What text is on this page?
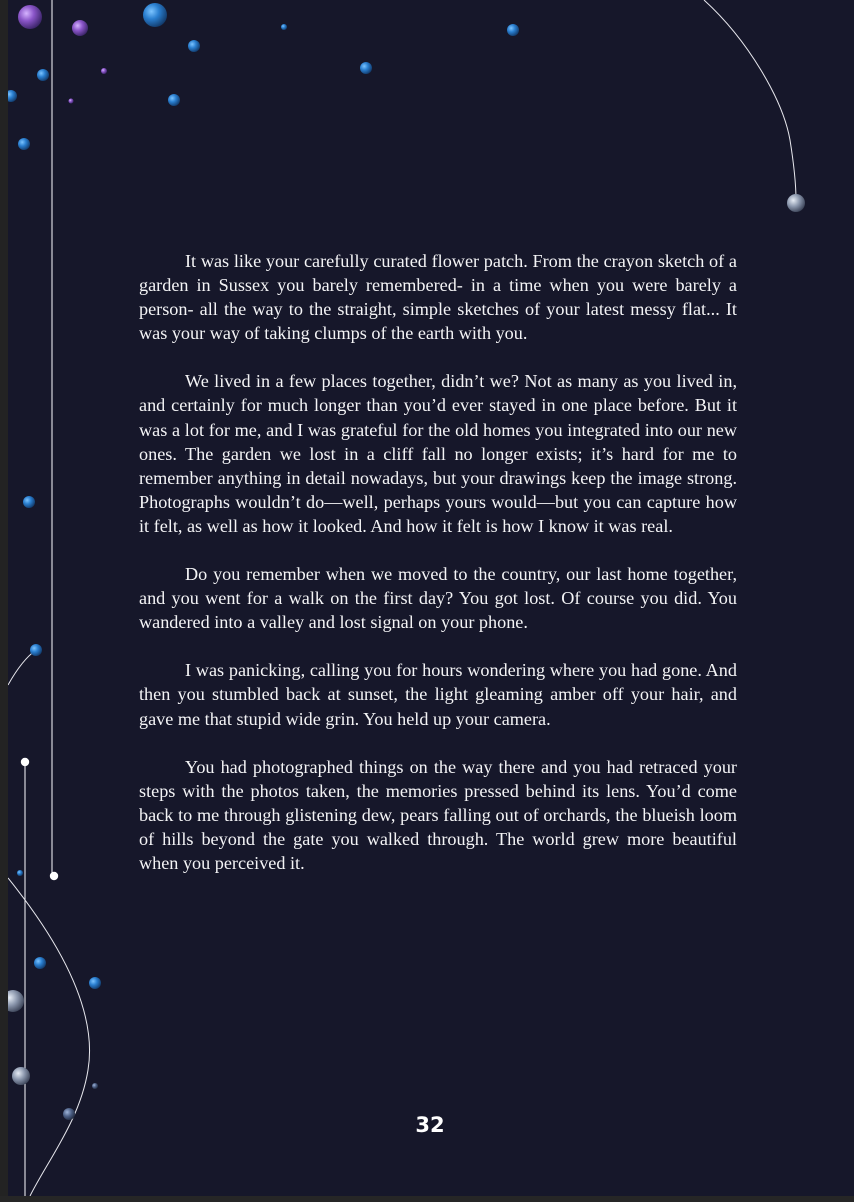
It was like your carefully curated flower patch. From the crayon sketch of a garden in Sussex you barely remembered- in a time when you were barely a person- all the way to the straight, simple sketches of your latest messy flat... It was your way of taking clumps of the earth with you.

We lived in a few places together, didn’t we? Not as many as you lived in, and certainly for much longer than you’d ever stayed in one place before. But it was a lot for me, and I was grateful for the old homes you integrated into our new ones. The garden we lost in a cliff fall no longer exists; it’s hard for me to remember anything in detail nowadays, but your drawings keep the image strong. Photographs wouldn’t do—well, perhaps yours would—but you can capture how it felt, as well as how it looked. And how it felt is how I know it was real.

Do you remember when we moved to the country, our last home together, and you went for a walk on the first day? You got lost. Of course you did. You wandered into a valley and lost signal on your phone.

I was panicking, calling you for hours wondering where you had gone. And then you stumbled back at sunset, the light gleaming amber off your hair, and gave me that stupid wide grin. You held up your camera.

You had photographed things on the way there and you had retraced your steps with the photos taken, the memories pressed behind its lens. You’d come back to me through glistening dew, pears falling out of orchards, the blueish loom of hills beyond the gate you walked through. The world grew more beautiful when you perceived it.

32
